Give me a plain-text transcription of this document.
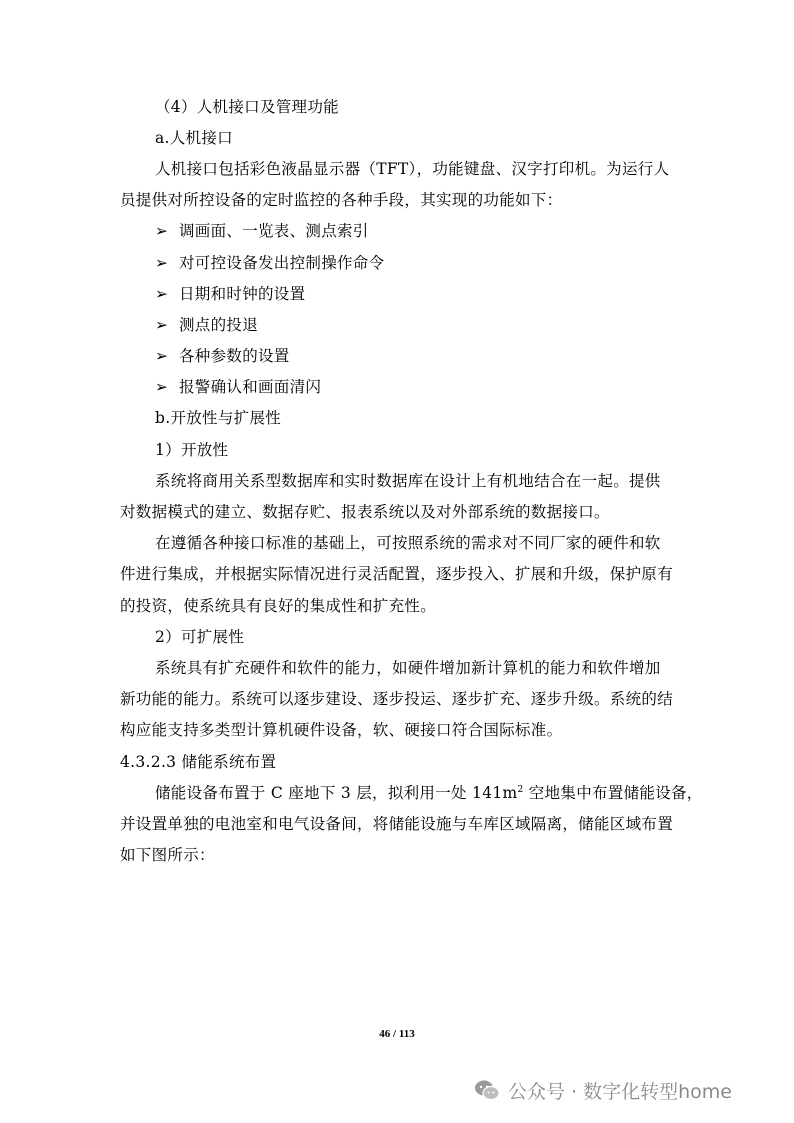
（4）人机接口及管理功能
a.人机接口
人机接口包括彩色液晶显示器（TFT），功能键盘、汉字打印机。为运行人
员提供对所控设备的定时监控的各种手段，其实现的功能如下：
➢ 调画面、一览表、测点索引
➢ 对可控设备发出控制操作命令
➢ 日期和时钟的设置
➢ 测点的投退
➢ 各种参数的设置
➢ 报警确认和画面清闪
b.开放性与扩展性
1）开放性
系统将商用关系型数据库和实时数据库在设计上有机地结合在一起。提供
对数据模式的建立、数据存贮、报表系统以及对外部系统的数据接口。
在遵循各种接口标准的基础上，可按照系统的需求对不同厂家的硬件和软
件进行集成，并根据实际情况进行灵活配置，逐步投入、扩展和升级，保护原有
的投资，使系统具有良好的集成性和扩充性。
2）可扩展性
系统具有扩充硬件和软件的能力，如硬件增加新计算机的能力和软件增加
新功能的能力。系统可以逐步建设、逐步投运、逐步扩充、逐步升级。系统的结
构应能支持多类型计算机硬件设备，软、硬接口符合国际标准。
4.3.2.3 储能系统布置
储能设备布置于 C 座地下 3 层，拟利用一处 $141m^2$ 空地集中布置储能设备，
并设置单独的电池室和电气设备间，将储能设施与车库区域隔离，储能区域布置
如下图所示：
46 / 113
公众号 · 数字化转型home
